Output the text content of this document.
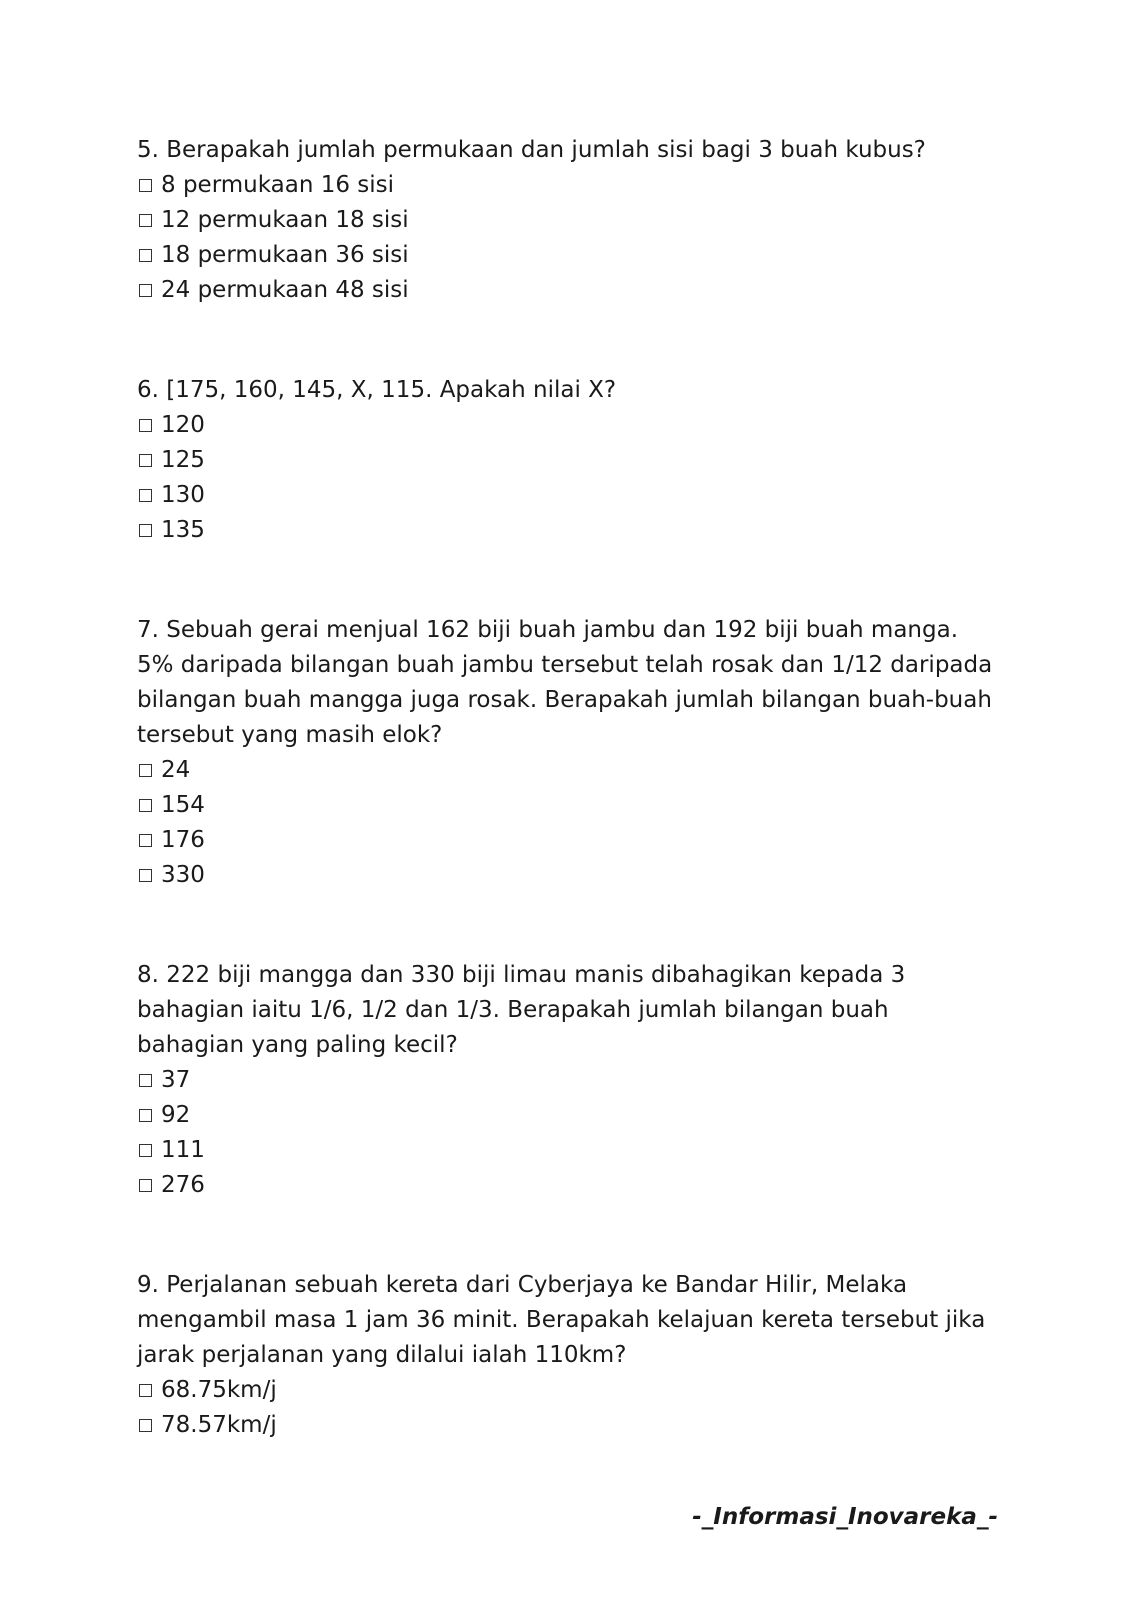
5. Berapakah jumlah permukaan dan jumlah sisi bagi 3 buah kubus?

8 permukaan 16 sisi
12 permukaan 18 sisi
18 permukaan 36 sisi
24 permukaan 48 sisi

6. [175, 160, 145, X, 115. Apakah nilai X?

120
125
130
135

7. Sebuah gerai menjual 162 biji buah jambu dan 192 biji buah manga. 5% daripada bilangan buah jambu tersebut telah rosak dan 1/12 daripada bilangan buah mangga juga rosak. Berapakah jumlah bilangan buah-buah tersebut yang masih elok?

24
154
176
330

8. 222 biji mangga dan 330 biji limau manis dibahagikan kepada 3 bahagian iaitu 1/6, 1/2 dan 1/3. Berapakah jumlah bilangan buah bahagian yang paling kecil?

37
92
111
276

9. Perjalanan sebuah kereta dari Cyberjaya ke Bandar Hilir, Melaka mengambil masa 1 jam 36 minit. Berapakah kelajuan kereta tersebut jika jarak perjalanan yang dilalui ialah 110km?

68.75km/j
78.57km/j
-_Informasi_Inovareka_-
